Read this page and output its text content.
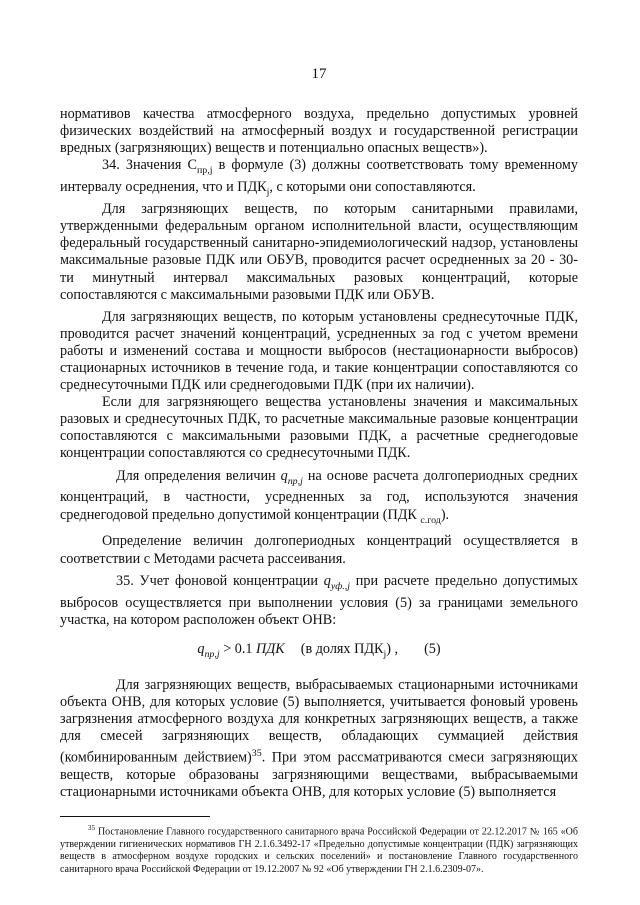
17

нормативов качества атмосферного воздуха, предельно допустимых уровней физических воздействий на атмосферный воздух и государственной регистрации вредных (загрязняющих) веществ и потенциально опасных веществ»).

34. Значения $C_{пр,j}$ в формуле (3) должны соответствовать тому временному интервалу осреднения, что и $ПДК_j$, с которыми они сопоставляются.

Для загрязняющих веществ, по которым санитарными правилами, утвержденными федеральным органом исполнительной власти, осуществляющим федеральный государственный санитарно-эпидемиологический надзор, установлены максимальные разовые ПДК или ОБУВ, проводится расчет осредненных за 20 - 30-ти минутный интервал максимальных разовых концентраций, которые сопоставляются с максимальными разовыми ПДК или ОБУВ.

Для загрязняющих веществ, по которым установлены среднесуточные ПДК, проводится расчет значений концентраций, усредненных за год с учетом времени работы и изменений состава и мощности выбросов (нестационарности выбросов) стационарных источников в течение года, и такие концентрации сопоставляются со среднесуточными ПДК или среднегодовыми ПДК (при их наличии).

Если для загрязняющего вещества установлены значения и максимальных разовых и среднесуточных ПДК, то расчетные максимальные разовые концентрации сопоставляются с максимальными разовыми ПДК, а расчетные среднегодовые концентрации сопоставляются со среднесуточными ПДК.

Для определения величин $q_{пр,j}$ на основе расчета долгопериодных средних концентраций, в частности, усредненных за год, используются значения среднегодовой предельно допустимой концентрации (ПДК $_{с.год}$).

Определение величин долгопериодных концентраций осуществляется в соответствии с Методами расчета рассеивания.

35. Учет фоновой концентрации $q_{уф.,j}$ при расчете предельно допустимых выбросов осуществляется при выполнении условия (5) за границами земельного участка, на котором расположен объект ОНВ:

$q_{пр,j} > 0.1$ ПДК (в долях $ПДК_j$) , (5)

Для загрязняющих веществ, выбрасываемых стационарными источниками объекта ОНВ, для которых условие (5) выполняется, учитывается фоновый уровень загрязнения атмосферного воздуха для конкретных загрязняющих веществ, а также для смесей загрязняющих веществ, обладающих суммацией действия (комбинированным действием)$^{35}$. При этом рассматриваются смеси загрязняющих веществ, которые образованы загрязняющими веществами, выбрасываемыми стационарными источниками объекта ОНВ, для которых условие (5) выполняется

$^{35}$ Постановление Главного государственного санитарного врача Российской Федерации от 22.12.2017 № 165 «Об утверждении гигиенических нормативов ГН 2.1.6.3492-17 «Предельно допустимые концентрации (ПДК) загрязняющих веществ в атмосферном воздухе городских и сельских поселений» и постановление Главного государственного санитарного врача Российской Федерации от 19.12.2007 № 92 «Об утверждении ГН 2.1.6.2309-07».
